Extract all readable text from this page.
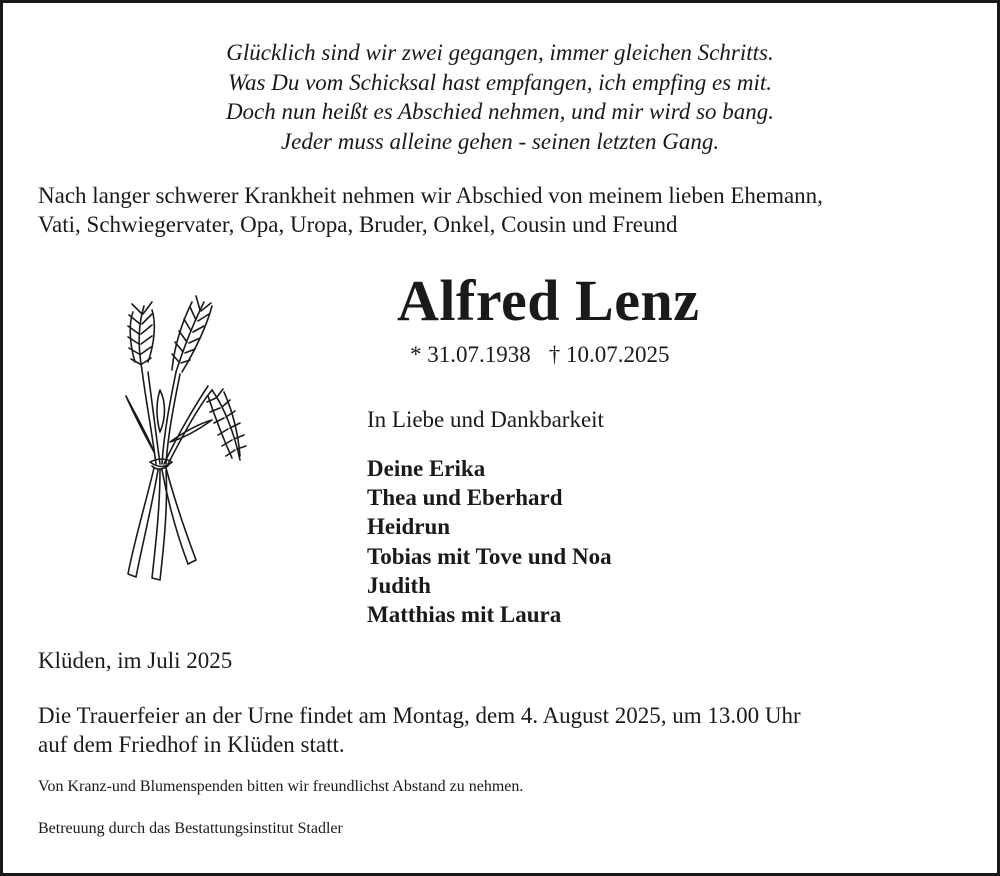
Glücklich sind wir zwei gegangen, immer gleichen Schritts.
Was Du vom Schicksal hast empfangen, ich empfing es mit.
Doch nun heißt es Abschied nehmen, und mir wird so bang.
Jeder muss alleine gehen - seinen letzten Gang.
Nach langer schwerer Krankheit nehmen wir Abschied von meinem lieben Ehemann,
Vati, Schwiegervater, Opa, Uropa, Bruder, Onkel, Cousin und Freund
Alfred Lenz
* 31.07.1938 † 10.07.2025
In Liebe und Dankbarkeit
Deine Erika
Thea und Eberhard
Heidrun
Tobias mit Tove und Noa
Judith
Matthias mit Laura
Klüden, im Juli 2025
Die Trauerfeier an der Urne findet am Montag, dem 4. August 2025, um 13.00 Uhr
auf dem Friedhof in Klüden statt.
Von Kranz-und Blumenspenden bitten wir freundlichst Abstand zu nehmen.
Betreuung durch das Bestattungsinstitut Stadler
